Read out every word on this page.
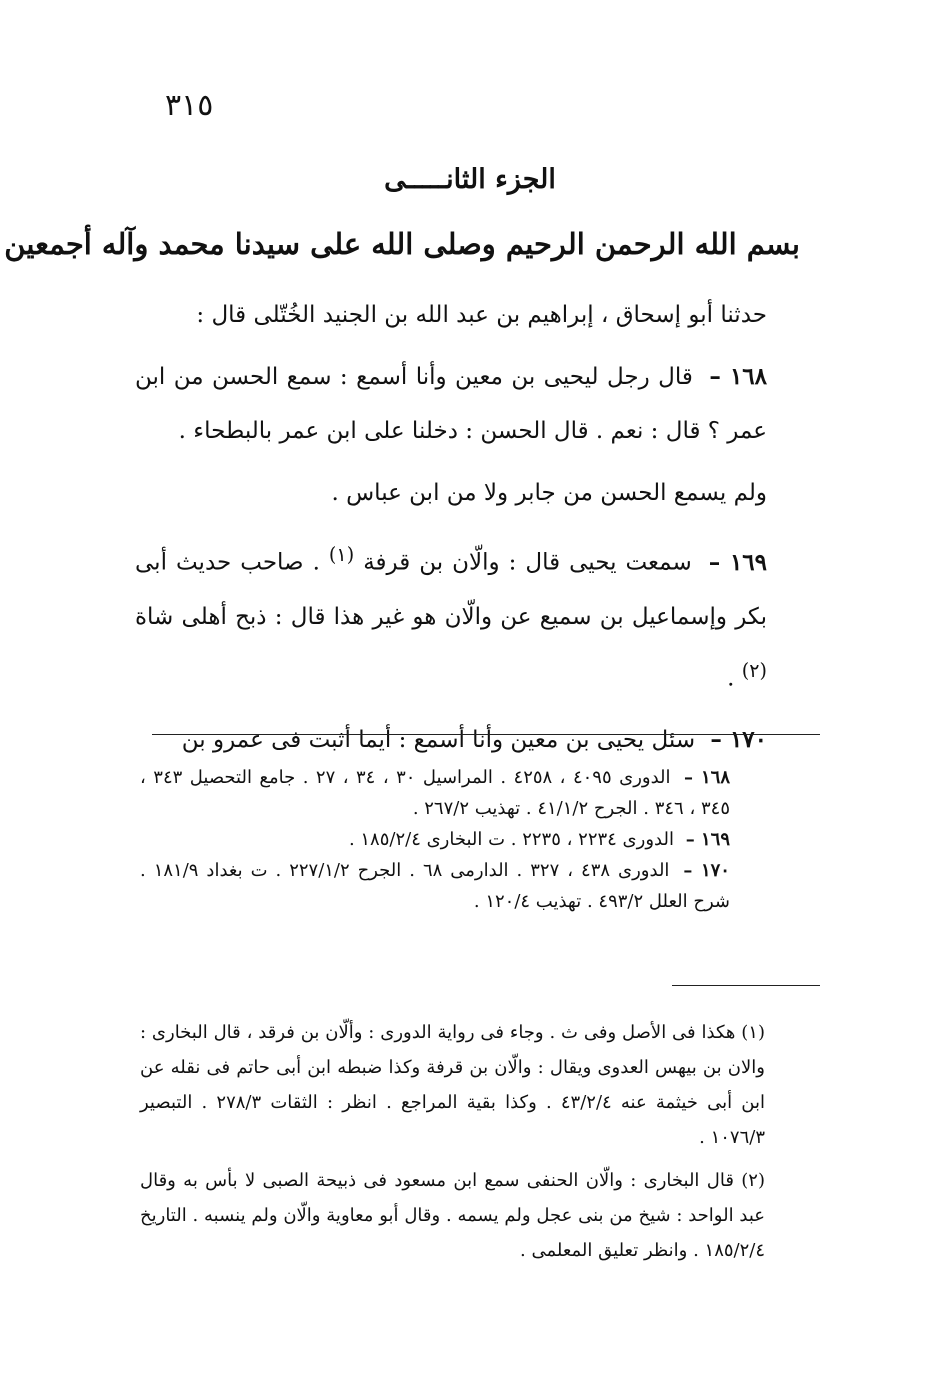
٣١٥
الجزء الثانـــــى
بسم الله الرحمن الرحيم وصلى الله على سيدنا محمد وآله أجمعين

حدثنا أبو إسحاق ، إبراهيم بن عبد الله بن الجنيد الخُتّلى قال :

١٦٨ – قال رجل ليحيى بن معين وأنا أسمع : سمع الحسن من ابن عمر ؟ قال : نعم . قال الحسن : دخلنا على ابن عمر بالبطحاء .

ولم يسمع الحسن من جابر ولا من ابن عباس .

١٦٩ – سمعت يحيى قال : والّان بن قرفة $^{(١)}$ . صاحب حديث أبى بكر وإسماعيل بن سميع عن والّان هو غير هذا قال : ذبح أهلى شاة $^{(٢)}$ .

١٧٠ – سئل يحيى بن معين وأنا أسمع : أيما أثبت فى عمرو بن

١٦٨ – الدورى ٤٠٩٥ ، ٤٢٥٨ . المراسيل ٣٠ ، ٣٤ ، ٢٧ . جامع التحصيل ٣٤٣ ، ٣٤٥ ، ٣٤٦ . الجرح ٤١/١/٢ . تهذيب ٢٦٧/٢ .

١٦٩ – الدورى ٢٢٣٤ ، ٢٢٣٥ . ت البخارى ١٨٥/٢/٤ .

١٧٠ – الدورى ٤٣٨ ، ٣٢٧ . الدارمى ٦٨ . الجرح ٢٢٧/١/٢ . ت بغداد ١٨١/٩ . شرح العلل ٤٩٣/٢ . تهذيب ١٢٠/٤ .

(١) هكذا فى الأصل وفى ث . وجاء فى رواية الدورى : وألّان بن فرقد ، قال البخارى : والان بن بيهس العدوى ويقال : والّان بن قرفة وكذا ضبطه ابن أبى حاتم فى نقله عن ابن أبى خيثمة عنه ٤٣/٢/٤ . وكذا بقية المراجع . انظر : الثقات ٢٧٨/٣ . التبصير ١٠٧٦/٣ .

(٢) قال البخارى : والّان الحنفى سمع ابن مسعود فى ذبيحة الصبى لا بأس به وقال عبد الواحد : شيخ من بنى عجل ولم يسمه . وقال أبو معاوية والّان ولم ينسبه . التاريخ ١٨٥/٢/٤ . وانظر تعليق المعلمى .
